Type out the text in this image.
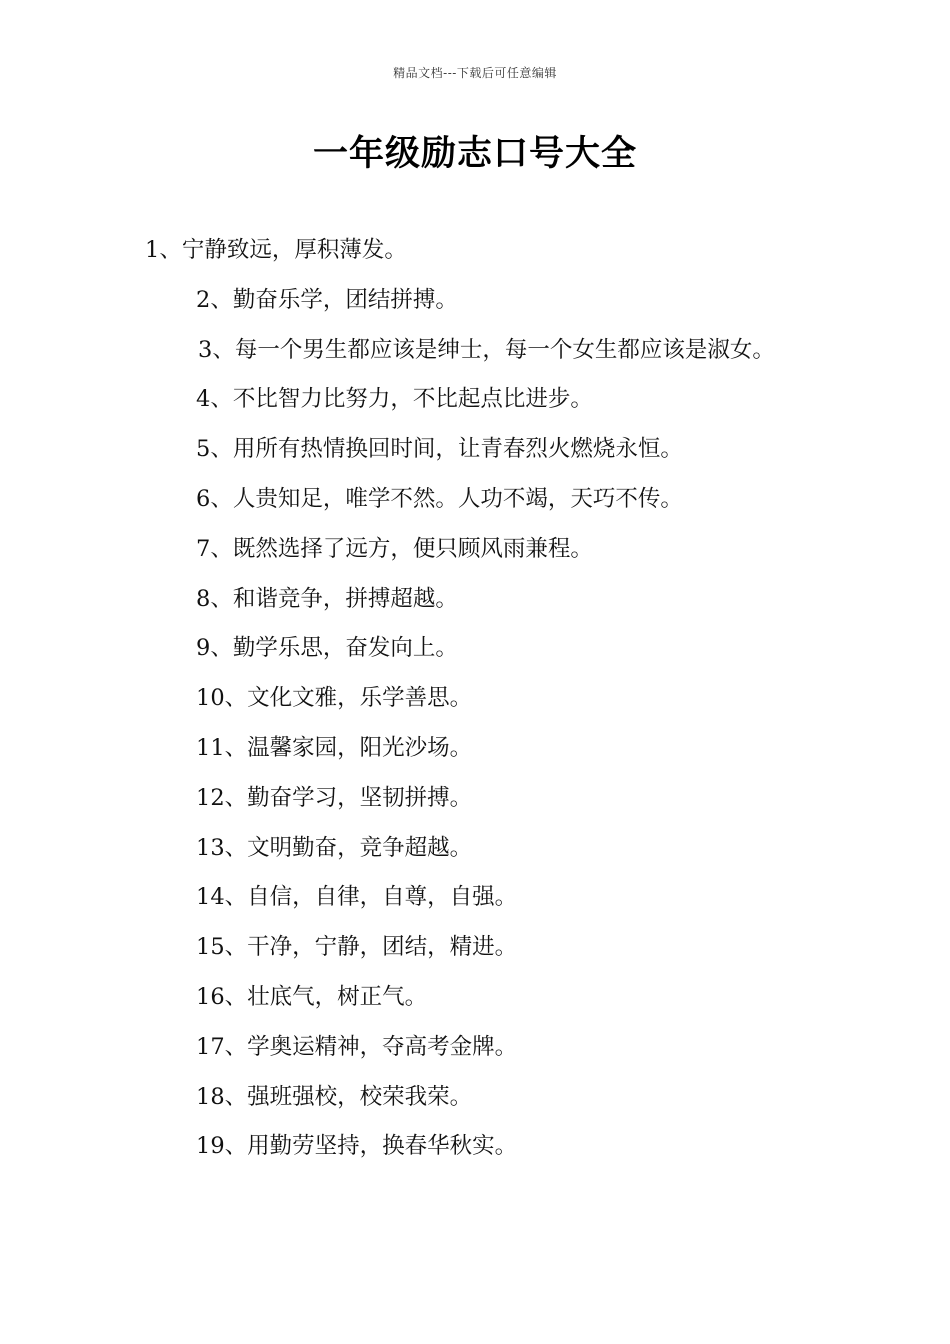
精品文档---下载后可任意编辑
一年级励志口号大全

1、宁静致远，厚积薄发。

2、勤奋乐学，团结拼搏。

3、每一个男生都应该是绅士，每一个女生都应该是淑女。

4、不比智力比努力，不比起点比进步。

5、用所有热情换回时间，让青春烈火燃烧永恒。

6、人贵知足，唯学不然。人功不竭，天巧不传。

7、既然选择了远方，便只顾风雨兼程。

8、和谐竞争，拼搏超越。

9、勤学乐思，奋发向上。

10、文化文雅，乐学善思。

11、温馨家园，阳光沙场。

12、勤奋学习，坚韧拼搏。

13、文明勤奋，竞争超越。

14、自信，自律，自尊，自强。

15、干净，宁静，团结，精进。

16、壮底气，树正气。

17、学奥运精神，夺高考金牌。

18、强班强校，校荣我荣。

19、用勤劳坚持，换春华秋实。
